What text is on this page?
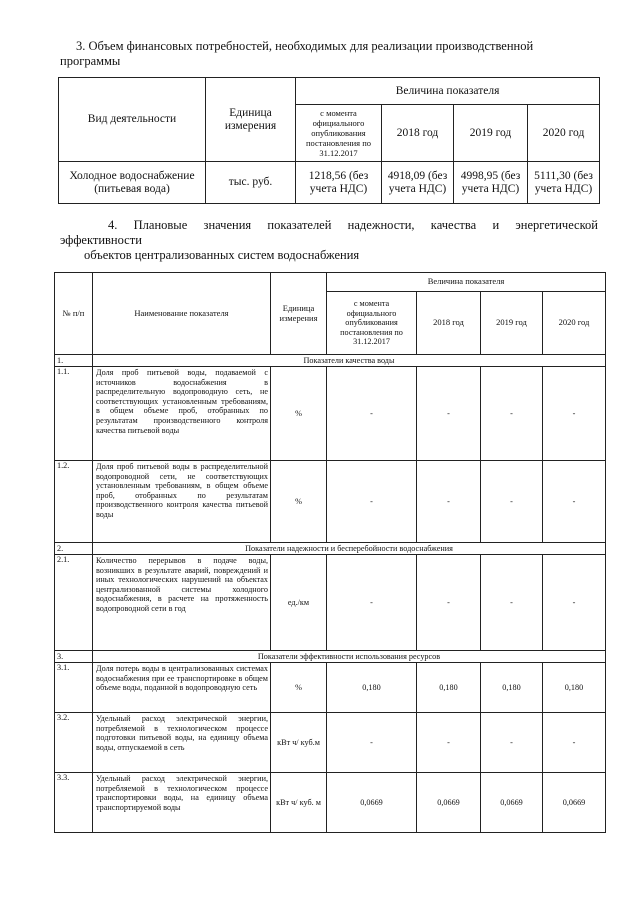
3. Объем финансовых потребностей, необходимых для реализации производственной
программы
Вид деятельности	Единица измерения	Величина показателя			
		с момента официального опубликования постановления по 31.12.2017	2018 год	2019 год	2020 год
Холодное водоснабжение (питьевая вода)	тыс. руб.	1218,56 (без учета НДС)	4918,09 (без учета НДС)	4998,95 (без учета НДС)	5111,30 (без учета НДС)
4. Плановые значения показателей надежности, качества и энергетической эффективности
объектов централизованных систем водоснабжения
№ п/п	Наименование показателя	Единица измерения	Величина показателя			
			с момента официального опубликования постановления по 31.12.2017	2018 год	2019 год	2020 год
1.	Показатели качества воды					
1.1.	Доля проб питьевой воды, подаваемой с источников водоснабжения в распределительную водопроводную сеть, не соответствующих установленным требованиям, в общем объеме проб, отобранных по результатам производственного контроля качества питьевой воды	%	-	-	-	-
1.2.	Доля проб питьевой воды в распределительной водопроводной сети, не соответствующих установленным требованиям, в общем объеме проб, отобранных по результатам производственного контроля качества питьевой воды	%	-	-	-	-
2.	Показатели надежности и бесперебойности водоснабжения					
2.1.	Количество перерывов в подаче воды, возникших в результате аварий, повреждений и иных технологических нарушений на объектах централизованной системы холодного водоснабжения, в расчете на протяженность водопроводной сети в год	ед./км	-	-	-	-
3.	Показатели эффективности использования ресурсов					
3.1.	Доля потерь воды в централизованных системах водоснабжения при ее транспортировке в общем объеме воды, поданной в водопроводную сеть	%	0,180	0,180	0,180	0,180
3.2.	Удельный расход электрической энергии, потребляемой в технологическом процессе подготовки питьевой воды, на единицу объема воды, отпускаемой в сеть	кВт ч/ куб.м	-	-	-	-
3.3.	Удельный расход электрической энергии, потребляемой в технологическом процессе транспортировки воды, на единицу объема транспортируемой воды	кВт ч/ куб. м	0,0669	0,0669	0,0669	0,0669
